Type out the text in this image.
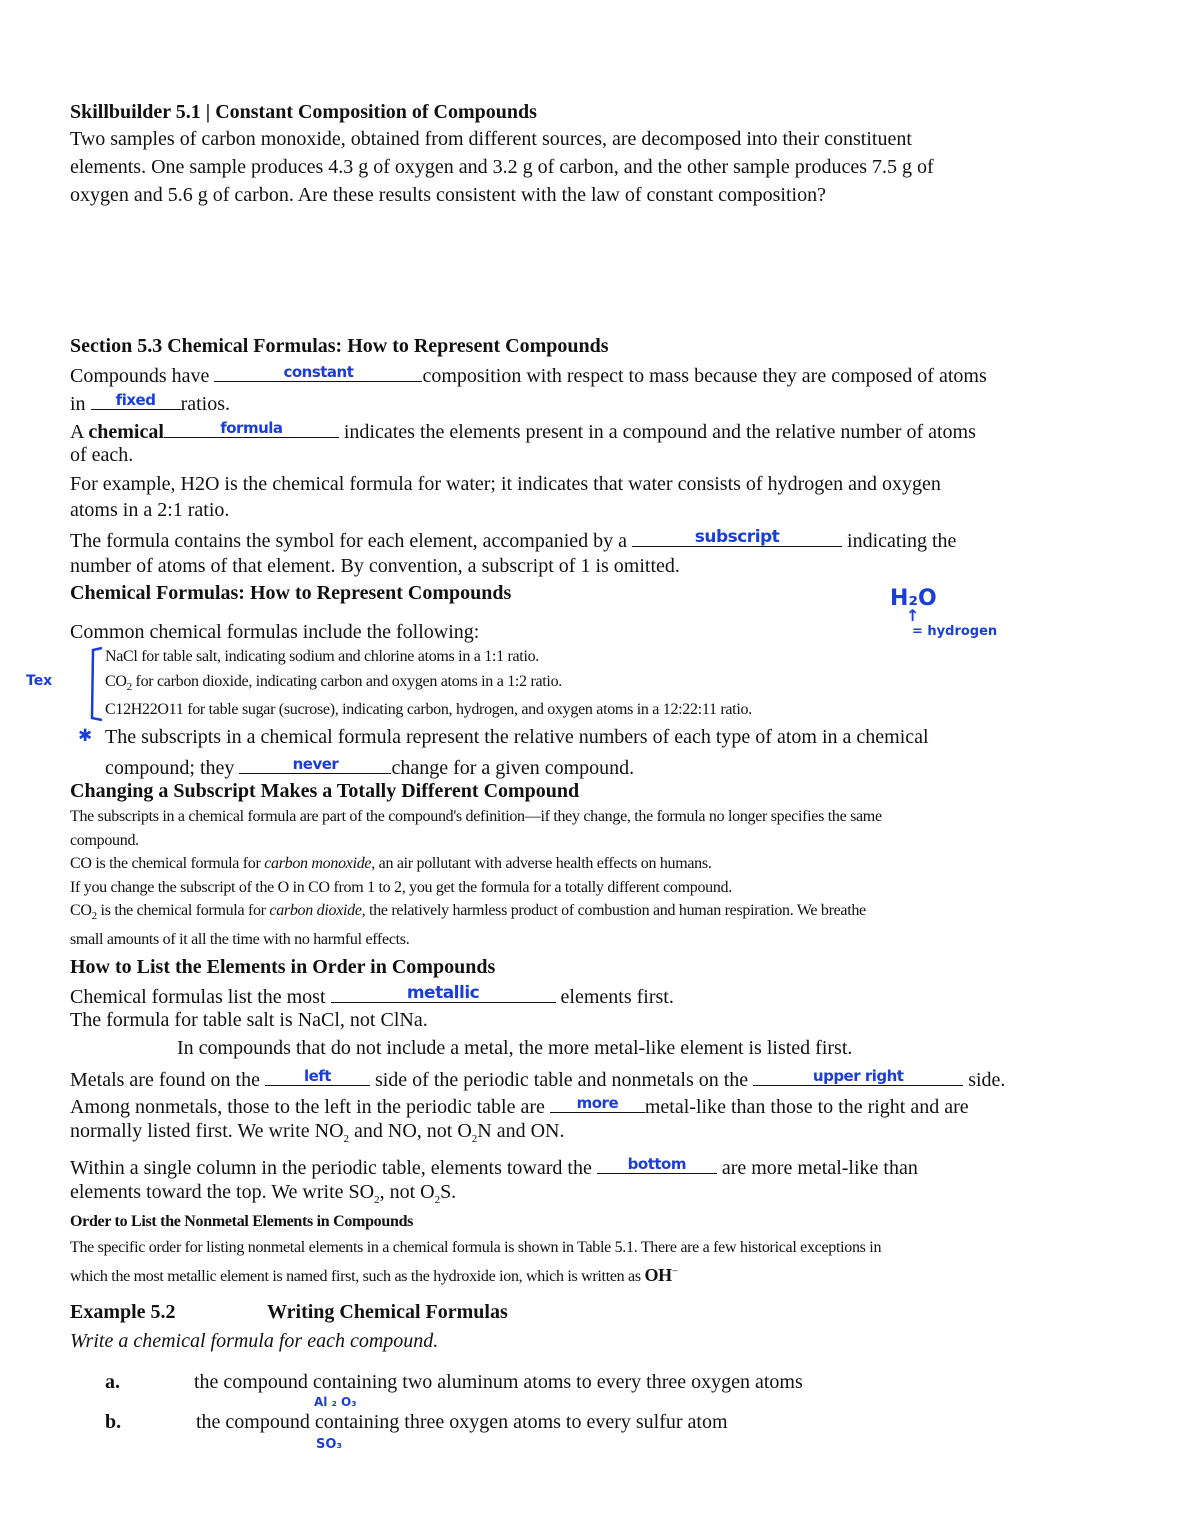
Skillbuilder 5.1 | Constant Composition of Compounds
Two samples of carbon monoxide, obtained from different sources, are decomposed into their constituent
elements. One sample produces 4.3 g of oxygen and 3.2 g of carbon, and the other sample produces 7.5 g of
oxygen and 5.6 g of carbon. Are these results consistent with the law of constant composition?
Section 5.3 Chemical Formulas: How to Represent Compounds
Compounds have	constant	composition with respect to mass because they are composed of atoms
in fixed ratios.
A chemical	formula	indicates the elements present in a compound and the relative number of atoms
of each.
For example, H2O is the chemical formula for water; it indicates that water consists of hydrogen and oxygen
atoms in a 2:1 ratio.
The formula contains the symbol for each element, accompanied by a	subscript	indicating the
number of atoms of that element. By convention, a subscript of 1 is omitted.
Chemical Formulas: How to Represent Compounds
Common chemical formulas include the following:
NaCl for table salt, indicating sodium and chlorine atoms in a 1:1 ratio.
$CO_2$ for carbon dioxide, indicating carbon and oxygen atoms in a 1:2 ratio.
C12H22O11 for table sugar (sucrose), indicating carbon, hydrogen, and oxygen atoms in a 12:22:11 ratio.
The subscripts in a chemical formula represent the relative numbers of each type of atom in a chemical
compound; they	never	change for a given compound.
Changing a Subscript Makes a Totally Different Compound
The subscripts in a chemical formula are part of the compound's definition—if they change, the formula no longer specifies the same
compound.
CO is the chemical formula for carbon monoxide, an air pollutant with adverse health effects on humans.
If you change the subscript of the O in CO from 1 to 2, you get the formula for a totally different compound.
$CO_2$ is the chemical formula for carbon dioxide, the relatively harmless product of combustion and human respiration. We breathe
small amounts of it all the time with no harmful effects.
How to List the Elements in Order in Compounds
Chemical formulas list the most	metallic	elements first.
The formula for table salt is NaCl, not ClNa.
In compounds that do not include a metal, the more metal-like element is listed first.
Metals are found on the	left side of the periodic table and nonmetals on the	upper right	side.
Among nonmetals, those to the left in the periodic table are more metal-like than those to the right and are
normally listed first. We write $NO_2$ and NO, not $O_2N$ and ON.
Within a single column in the periodic table, elements toward the bottom are more metal-like than
elements toward the top. We write $SO_2$, not $O_2S$.
Order to List the Nonmetal Elements in Compounds
The specific order for listing nonmetal elements in a chemical formula is shown in Table 5.1. There are a few historical exceptions in
which the most metallic element is named first, such as the hydroxide ion, which is written as OH−
Example 5.2	Writing Chemical Formulas
Write a chemical formula for each compound.
a.	the compound containing two aluminum atoms to every three oxygen atoms
b.	the compound containing three oxygen atoms to every sulfur atom
H₂O
↑
= hydrogen
Tex
✱
Al ₂ O₃
SO₃
